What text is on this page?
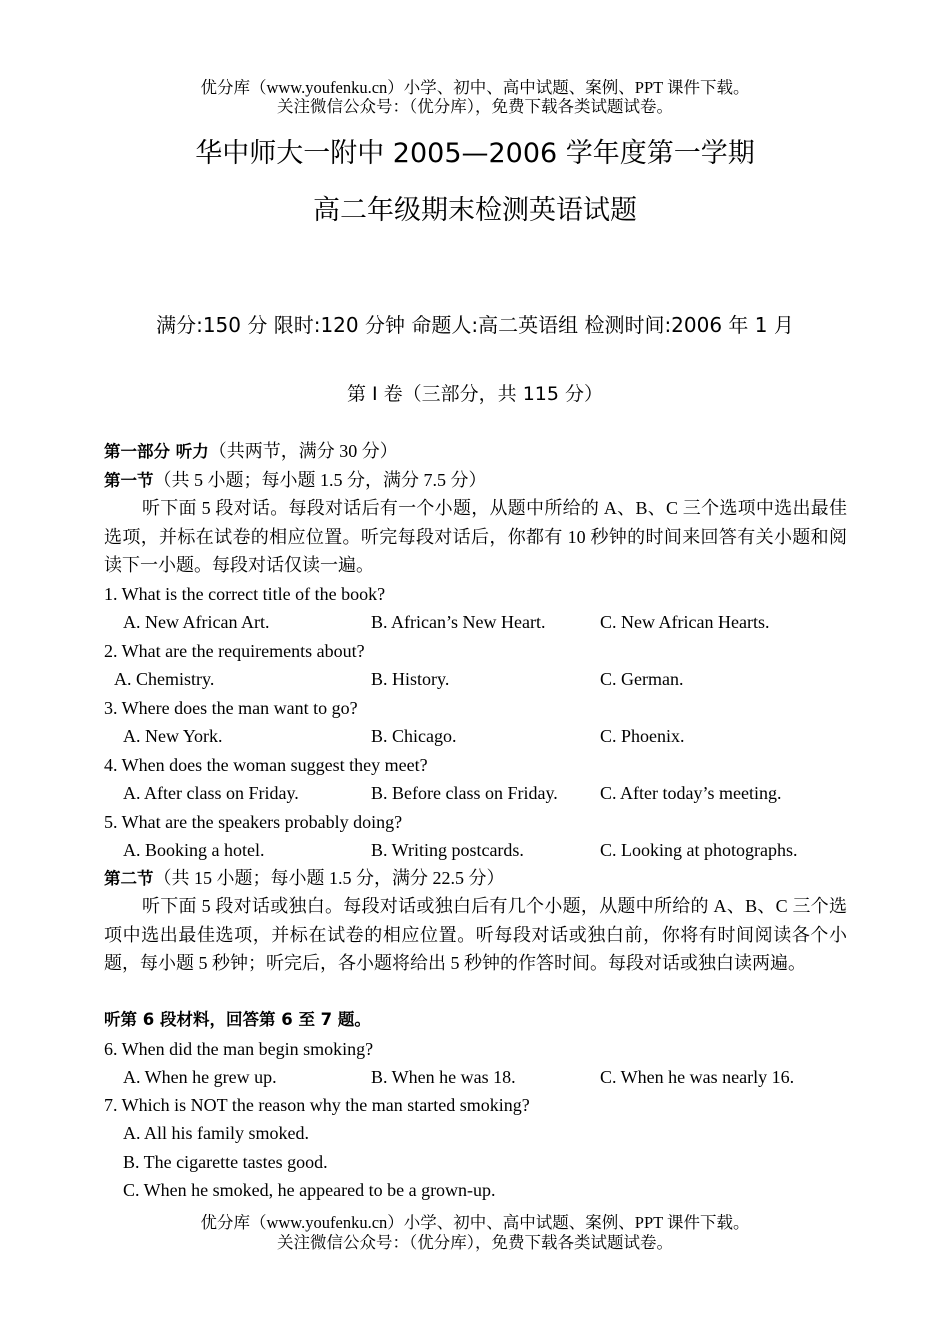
优分库（www.youfenku.cn）小学、初中、高中试题、案例、PPT 课件下载。
关注微信公众号：（优分库），免费下载各类试题试卷。
华中师大一附中 2005—2006 学年度第一学期
高二年级期末检测英语试题
满分:150 分 限时:120 分钟 命题人:高二英语组 检测时间:2006 年 1 月
第 I 卷（三部分，共 115 分）
第一部分 听力（共两节，满分 30 分）
第一节（共 5 小题；每小题 1.5 分，满分 7.5 分）
听下面 5 段对话。每段对话后有一个小题，从题中所给的 A、B、C 三个选项中选出最佳选项，并标在试卷的相应位置。听完每段对话后，你都有 10 秒钟的时间来回答有关小题和阅读下一小题。每段对话仅读一遍。
1. What is the correct title of the book?
A. New African Art.	B. African’s New Heart.	C. New African Hearts.
2. What are the requirements about?
A. Chemistry.	B. History.	C. German.
3. Where does the man want to go?
A. New York.	B. Chicago.	C. Phoenix.
4. When does the woman suggest they meet?
A. After class on Friday.	B. Before class on Friday. C. After today’s meeting.
5. What are the speakers probably doing?
A. Booking a hotel.	B. Writing postcards.	C. Looking at photographs.
第二节（共 15 小题；每小题 1.5 分，满分 22.5 分）
听下面 5 段对话或独白。每段对话或独白后有几个小题，从题中所给的 A、B、C 三个选项中选出最佳选项，并标在试卷的相应位置。听每段对话或独白前，你将有时间阅读各个小题，每小题 5 秒钟；听完后，各小题将给出 5 秒钟的作答时间。每段对话或独白读两遍。
听第 6 段材料，回答第 6 至 7 题。
6. When did the man begin smoking?
A. When he grew up.	B. When he was 18.	C. When he was nearly 16.
7. Which is NOT the reason why the man started smoking?
A. All his family smoked.
B. The cigarette tastes good.
C. When he smoked, he appeared to be a grown-up.
优分库（www.youfenku.cn）小学、初中、高中试题、案例、PPT 课件下载。
关注微信公众号：（优分库），免费下载各类试题试卷。
